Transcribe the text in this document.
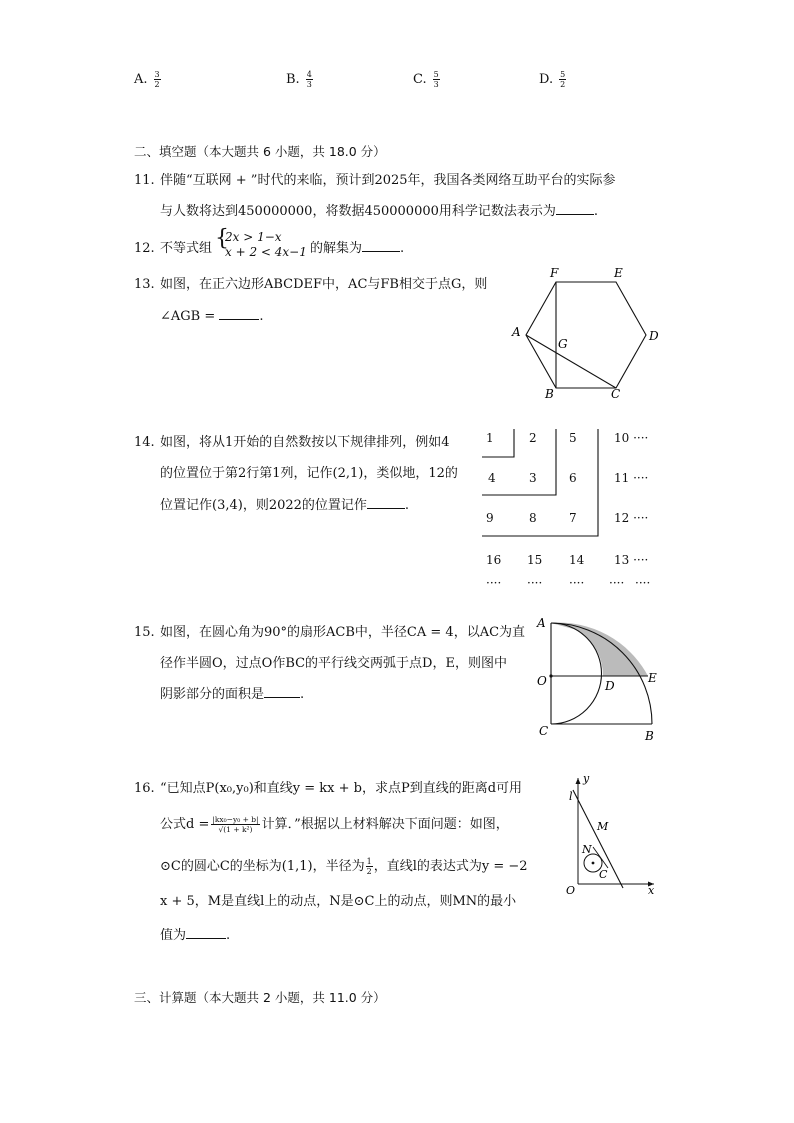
A. $\frac{3}{2}$	B. $\frac{4}{3}$	C. $\frac{5}{3}$	D. $\frac{5}{2}$
二、填空题（本大题共 6 小题，共 18.0 分）
11. 伴随“互联网 + ”时代的来临，预计到2025年，我国各类网络互助平台的实际参
与人数将达到450000000，将数据450000000用科学记数法表示为	.
12. 不等式组 {
2x > 1−x
x + 2 < 4x−1 的解集为	.
13. 如图，在正六边形ABCDEF中，AC与FB相交于点G，则
∠AGB =	.
F	E
D
C
B
A
G
14. 如图，将从1开始的自然数按以下规律排列，例如4
的位置位于第2行第1列，记作(2,1)，类似地，12的
位置记作(3,4)，则2022的位置记作	.
1	2	5	10 ····
4	3	6	11 ····
9	8	7	12 ····
16 15 14 13 ····
···· ···· ···· ···· ····
15. 如图，在圆心角为90°的扇形ACB中，半径CA = 4，以AC为直
径作半圆O，过点O作BC的平行线交两弧于点D，E，则图中
阴影部分的面积是	.
A
O	D
E
C	B
16. “已知点P(x₀,y₀)和直线y = kx + b，求点P到直线的距离d可用
公式$d = \frac{\text{|kx₀−y₀ + b|}}{\text{√(1 + k²)}}$ 计算．”根据以上材料解决下面问题：如图，
⊙C的圆心C的坐标为(1,1)，半径为 $\frac{1}{2}$ ，直线l的表达式为y = −2
x + 5，M是直线l上的动点，N是⊙C上的动点，则MN的最小
值为	.
y
l
M
N
C
O	x
三、计算题（本大题共 2 小题，共 11.0 分）
